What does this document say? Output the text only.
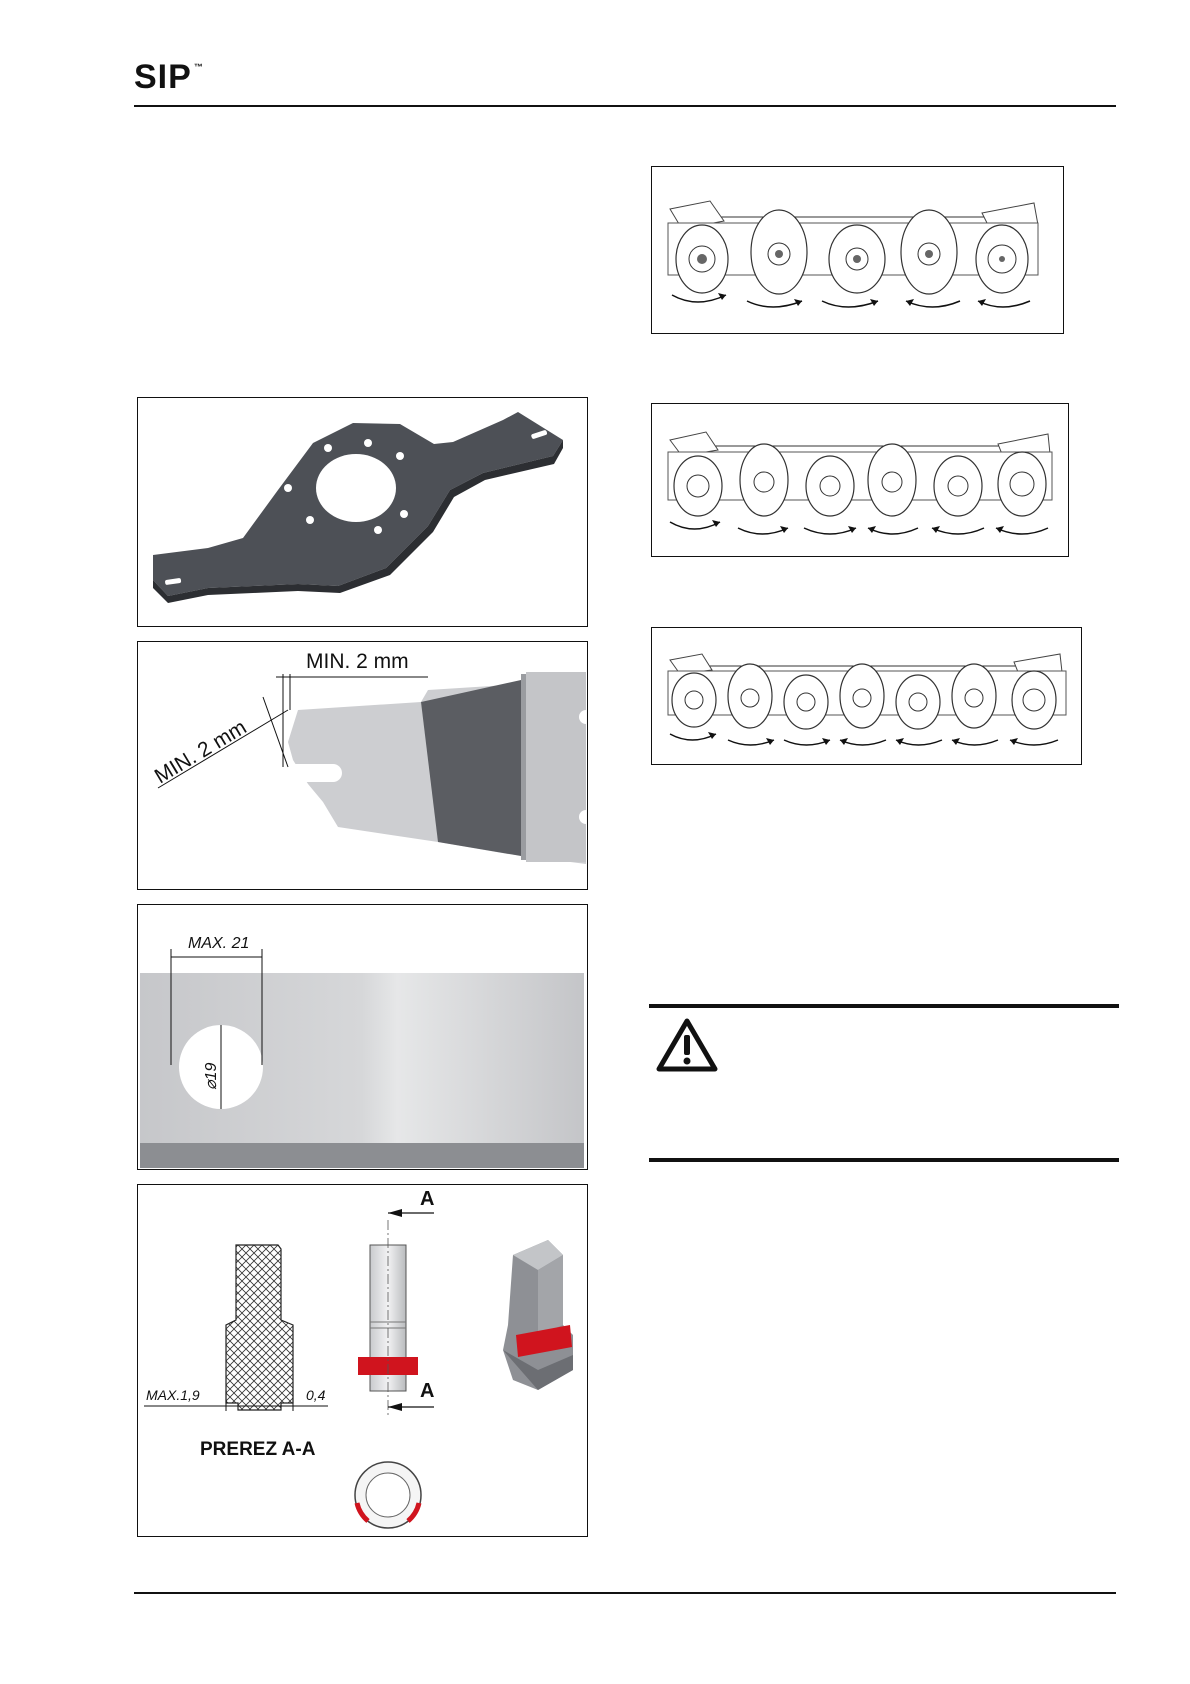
SIP ™
MIN. 2 mm
MIN. 2 mm
MAX. 21
⌀19
MAX.1,9	0,4
PREREZ A-A
A
A
